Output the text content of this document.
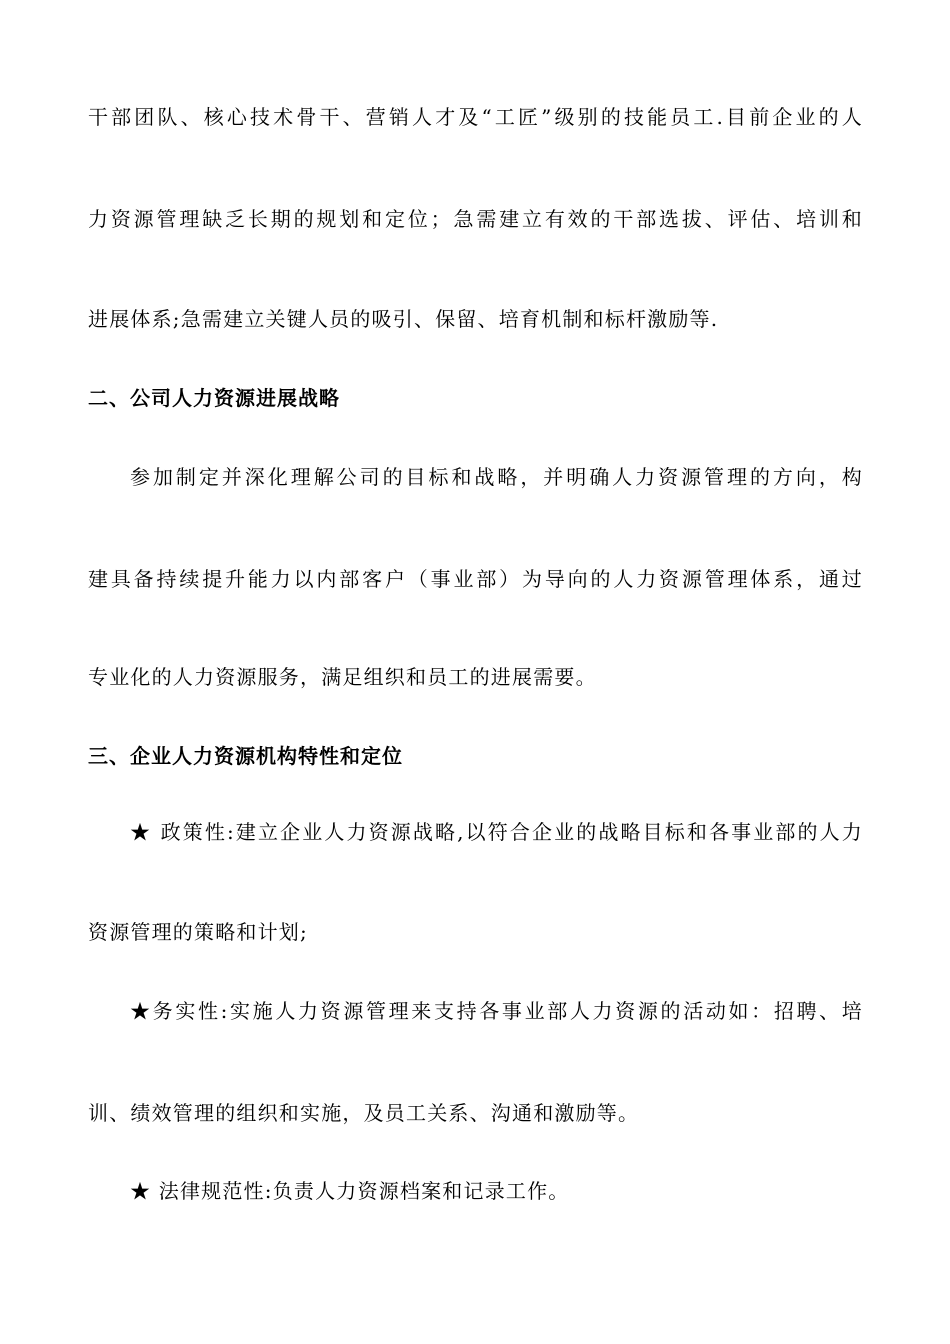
干部团队、核心技术骨干、营销人才及“工匠”级别的技能员工.目前企业的人
力资源管理缺乏长期的规划和定位；急需建立有效的干部选拔、评估、培训和
进展体系;急需建立关键人员的吸引、保留、培育机制和标杆激励等.
二、公司人力资源进展战略
参加制定并深化理解公司的目标和战略，并明确人力资源管理的方向，构
建具备持续提升能力以内部客户（事业部）为导向的人力资源管理体系，通过
专业化的人力资源服务，满足组织和员工的进展需要。
三、企业人力资源机构特性和定位
★ 政策性:建立企业人力资源战略,以符合企业的战略目标和各事业部的人力
资源管理的策略和计划;
★务实性:实施人力资源管理来支持各事业部人力资源的活动如：招聘、培
训、绩效管理的组织和实施，及员工关系、沟通和激励等。
★ 法律规范性:负责人力资源档案和记录工作。
